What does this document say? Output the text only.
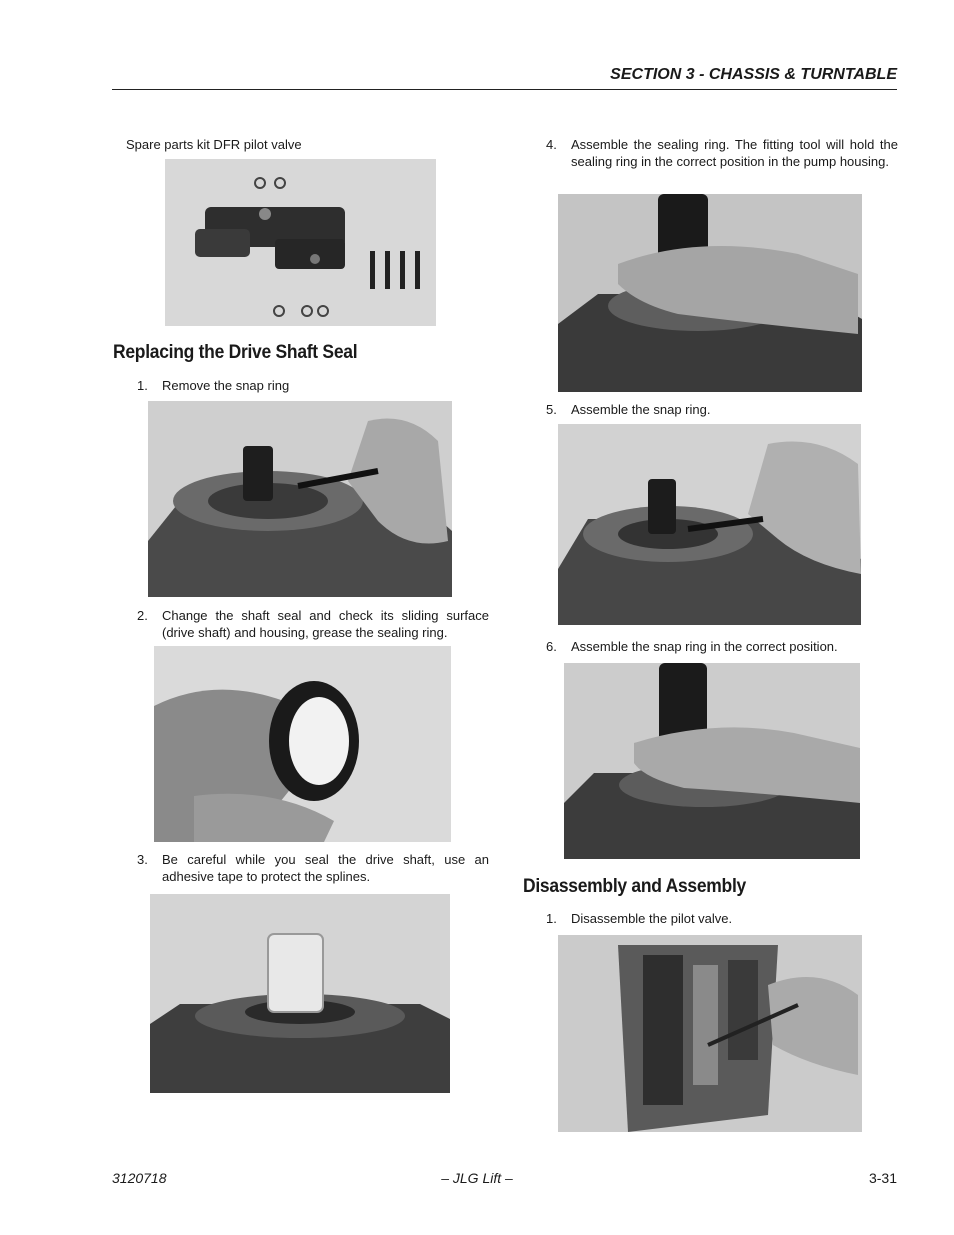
SECTION 3 - CHASSIS & TURNTABLE
Spare parts kit DFR pilot valve
Replacing the Drive Shaft Seal
1.	Remove the snap ring
2.	Change the shaft seal and check its sliding surface (drive shaft) and housing, grease the sealing ring.
3.	Be careful while you seal the drive shaft, use an adhesive tape to protect the splines.
4.	Assemble the sealing ring. The fitting tool will hold the sealing ring in the correct position in the pump housing.
5.	Assemble the snap ring.
6.	Assemble the snap ring in the correct position.
Disassembly and Assembly
1.	Disassemble the pilot valve.
3120718	– JLG Lift –	3-31
